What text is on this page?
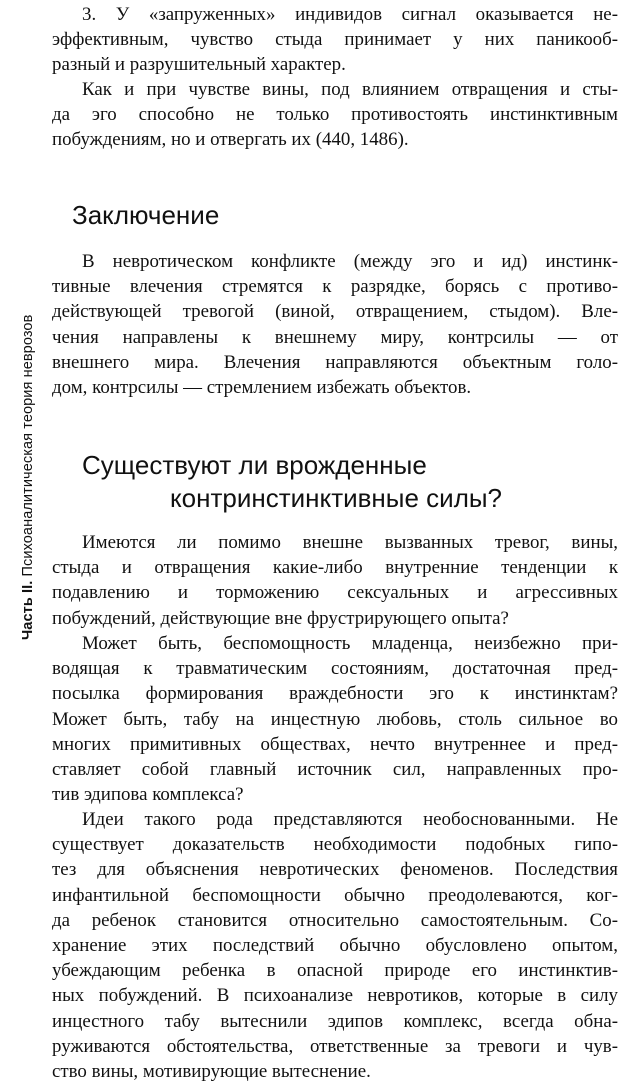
Часть II. Психоаналитическая теория неврозов
3. У «запруженных» индивидов сигнал оказывается не-
эффективным, чувство стыда принимает у них паникооб-
разный и разрушительный характер.
Как и при чувстве вины, под влиянием отвращения и сты-
да эго способно не только противостоять инстинктивным
побуждениям, но и отвергать их (440, 1486).
Заключение
В невротическом конфликте (между эго и ид) инстинк-
тивные влечения стремятся к разрядке, борясь с противо-
действующей тревогой (виной, отвращением, стыдом). Вле-
чения направлены к внешнему миру, контрсилы — от
внешнего мира. Влечения направляются объектным голо-
дом, контрсилы — стремлением избежать объектов.
Существуют ли врожденные
контринстинктивные силы?
Имеются ли помимо внешне вызванных тревог, вины,
стыда и отвращения какие-либо внутренние тенденции к
подавлению и торможению сексуальных и агрессивных
побуждений, действующие вне фрустрирующего опыта?
Может быть, беспомощность младенца, неизбежно при-
водящая к травматическим состояниям, достаточная пред-
посылка формирования враждебности эго к инстинктам?
Может быть, табу на инцестную любовь, столь сильное во
многих примитивных обществах, нечто внутреннее и пред-
ставляет собой главный источник сил, направленных про-
тив эдипова комплекса?
Идеи такого рода представляются необоснованными. Не
существует доказательств необходимости подобных гипо-
тез для объяснения невротических феноменов. Последствия
инфантильной беспомощности обычно преодолеваются, ког-
да ребенок становится относительно самостоятельным. Со-
хранение этих последствий обычно обусловлено опытом,
убеждающим ребенка в опасной природе его инстинктив-
ных побуждений. В психоанализе невротиков, которые в силу
инцестного табу вытеснили эдипов комплекс, всегда обна-
руживаются обстоятельства, ответственные за тревоги и чув-
ство вины, мотивирующие вытеснение.
